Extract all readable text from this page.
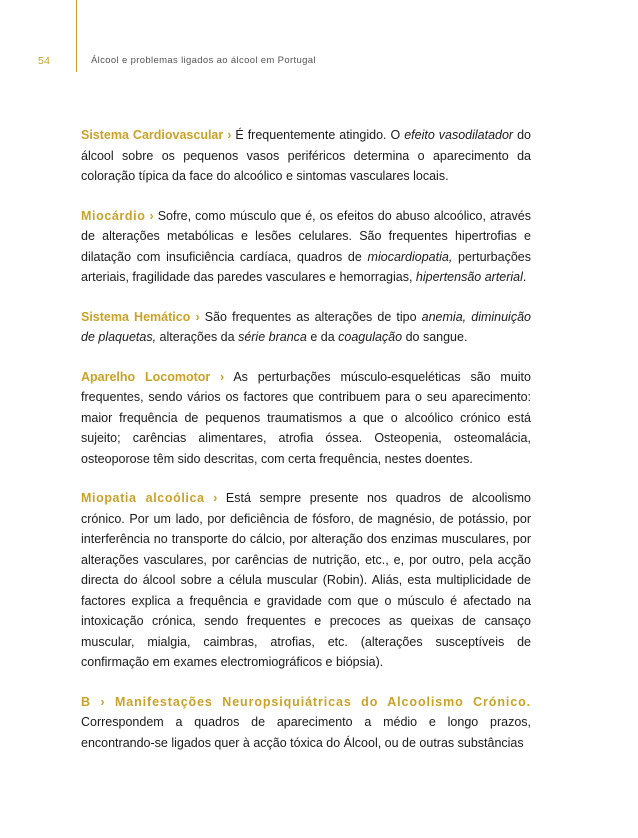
54	Álcool e problemas ligados ao álcool em Portugal

Sistema Cardiovascular › É frequentemente atingido. O efeito vasodilatador do álcool sobre os pequenos vasos periféricos determina o aparecimento da coloração típica da face do alcoólico e sintomas vasculares locais.

Miocárdio › Sofre, como músculo que é, os efeitos do abuso alcoólico, através de alterações metabólicas e lesões celulares. São frequentes hipertrofias e dilatação com insuficiência cardíaca, quadros de miocardiopatia, perturbações arteriais, fragilidade das paredes vasculares e hemorragias, hipertensão arterial.

Sistema Hemático › São frequentes as alterações de tipo anemia, diminuição de plaquetas, alterações da série branca e da coagulação do sangue.

Aparelho Locomotor › As perturbações músculo-esqueléticas são muito frequentes, sendo vários os factores que contribuem para o seu aparecimento: maior frequência de pequenos traumatismos a que o alcoólico crónico está sujeito; carências alimentares, atrofia óssea. Osteopenia, osteomalácia, osteoporose têm sido descritas, com certa frequência, nestes doentes.

Miopatia alcoólica › Está sempre presente nos quadros de alcoolismo crónico. Por um lado, por deficiência de fósforo, de magnésio, de potássio, por interferência no transporte do cálcio, por alteração dos enzimas musculares, por alterações vasculares, por carências de nutrição, etc., e, por outro, pela acção directa do álcool sobre a célula muscular (Robin). Aliás, esta multiplicidade de factores explica a frequência e gravidade com que o músculo é afectado na intoxicação crónica, sendo frequentes e precoces as queixas de cansaço muscular, mialgia, caimbras, atrofias, etc. (alterações susceptíveis de confirmação em exames electromiográficos e biópsia).

B › Manifestações Neuropsiquiátricas do Alcoolismo Crónico.
Correspondem a quadros de aparecimento a médio e longo prazos, encontrando-se ligados quer à acção tóxica do Álcool, ou de outras substâncias
